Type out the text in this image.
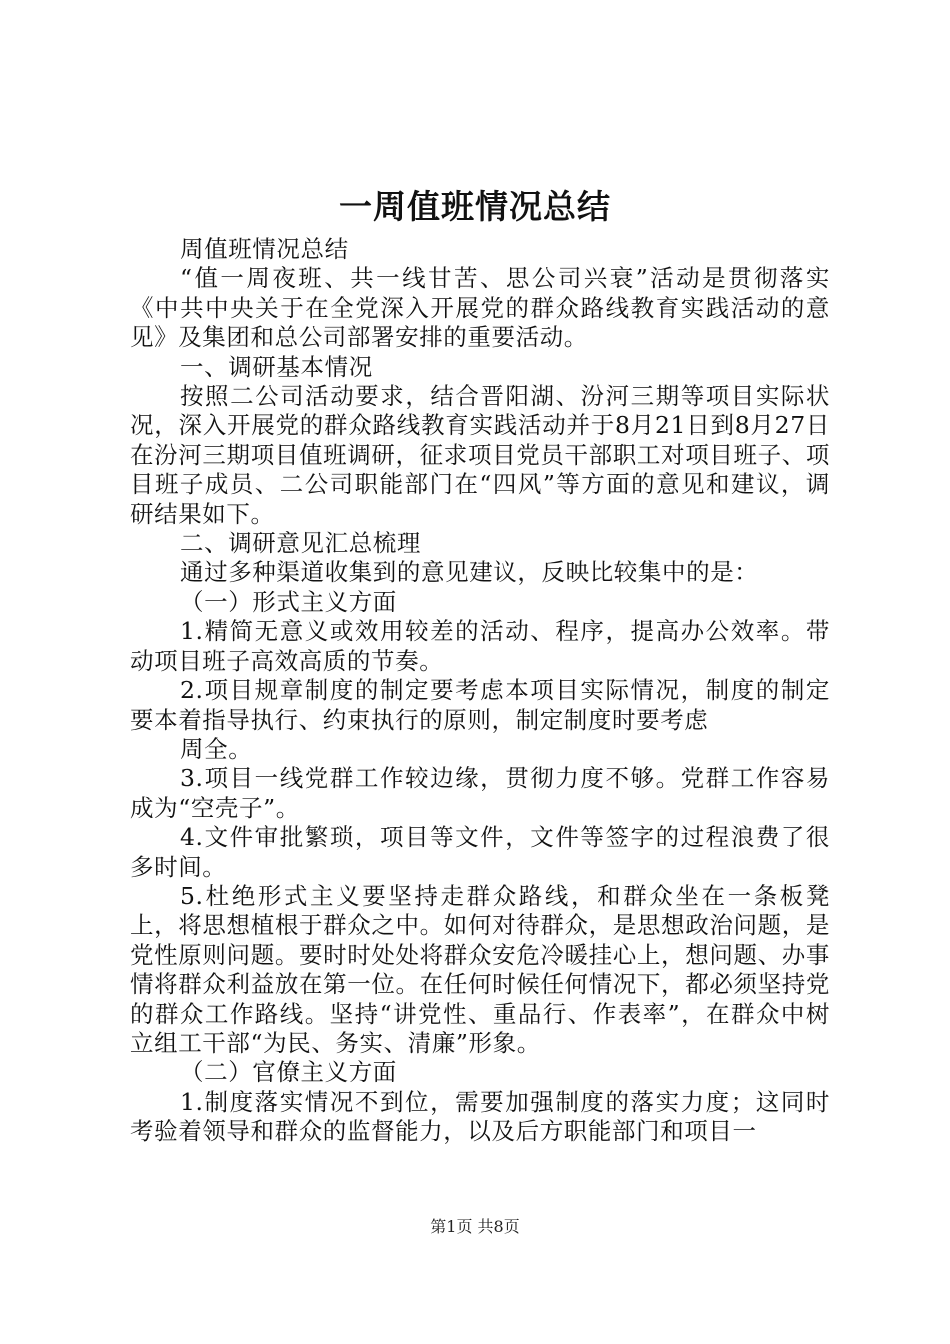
一周值班情况总结

周值班情况总结

“值一周夜班、共一线甘苦、思公司兴衰”活动是贯彻落实《中共中央关于在全党深入开展党的群众路线教育实践活动的意见》及集团和总公司部署安排的重要活动。

一、调研基本情况

按照二公司活动要求，结合晋阳湖、汾河三期等项目实际状况，深入开展党的群众路线教育实践活动并于8月21日到8月27日在汾河三期项目值班调研，征求项目党员干部职工对项目班子、项目班子成员、二公司职能部门在“四风”等方面的意见和建议，调研结果如下。

二、调研意见汇总梳理

通过多种渠道收集到的意见建议，反映比较集中的是：

（一）形式主义方面

1.精简无意义或效用较差的活动、程序，提高办公效率。带动项目班子高效高质的节奏。

2.项目规章制度的制定要考虑本项目实际情况，制度的制定要本着指导执行、约束执行的原则，制定制度时要考虑

周全。

3.项目一线党群工作较边缘，贯彻力度不够。党群工作容易成为“空壳子”。

4.文件审批繁琐，项目等文件，文件等签字的过程浪费了很多时间。

5.杜绝形式主义要坚持走群众路线，和群众坐在一条板凳上，将思想植根于群众之中。如何对待群众，是思想政治问题，是党性原则问题。要时时处处将群众安危冷暖挂心上，想问题、办事情将群众利益放在第一位。在任何时候任何情况下，都必须坚持党的群众工作路线。坚持“讲党性、重品行、作表率”，在群众中树立组工干部“为民、务实、清廉”形象。

（二）官僚主义方面

1.制度落实情况不到位，需要加强制度的落实力度；这同时考验着领导和群众的监督能力，以及后方职能部门和项目一

第1页 共8页
